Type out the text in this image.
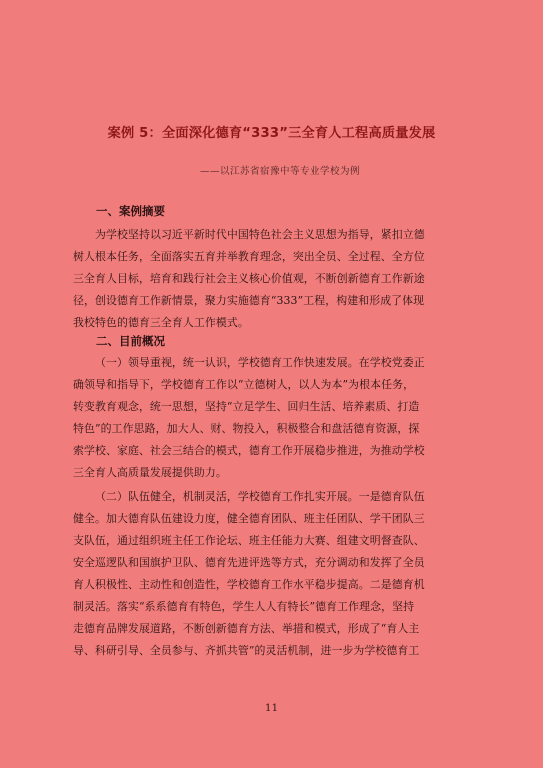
案例 5：全面深化德育“333”三全育人工程高质量发展
——以江苏省宿豫中等专业学校为例
一、案例摘要
为学校坚持以习近平新时代中国特色社会主义思想为指导，紧扣立德
树人根本任务，全面落实五育并举教育理念，突出全员、全过程、全方位
三全育人目标，培育和践行社会主义核心价值观，不断创新德育工作新途
径，创设德育工作新情景，聚力实施德育“333”工程，构建和形成了体现
我校特色的德育三全育人工作模式。
二、目前概况
（一）领导重视，统一认识，学校德育工作快速发展。在学校党委正
确领导和指导下，学校德育工作以“立德树人，以人为本”为根本任务，
转变教育观念，统一思想，坚持“立足学生、回归生活、培养素质、打造
特色”的工作思路，加大人、财、物投入，积极整合和盘活德育资源，探
索学校、家庭、社会三结合的模式，德育工作开展稳步推进，为推动学校
三全育人高质量发展提供助力。
（二）队伍健全，机制灵活，学校德育工作扎实开展。一是德育队伍
健全。加大德育队伍建设力度，健全德育团队、班主任团队、学干团队三
支队伍，通过组织班主任工作论坛、班主任能力大赛、组建文明督查队、
安全巡逻队和国旗护卫队、德育先进评选等方式，充分调动和发挥了全员
育人积极性、主动性和创造性，学校德育工作水平稳步提高。二是德育机
制灵活。落实“系系德育有特色，学生人人有特长”德育工作理念，坚持
走德育品牌发展道路，不断创新德育方法、举措和模式，形成了“育人主
导、科研引导、全员参与、齐抓共管”的灵活机制，进一步为学校德育工
11
